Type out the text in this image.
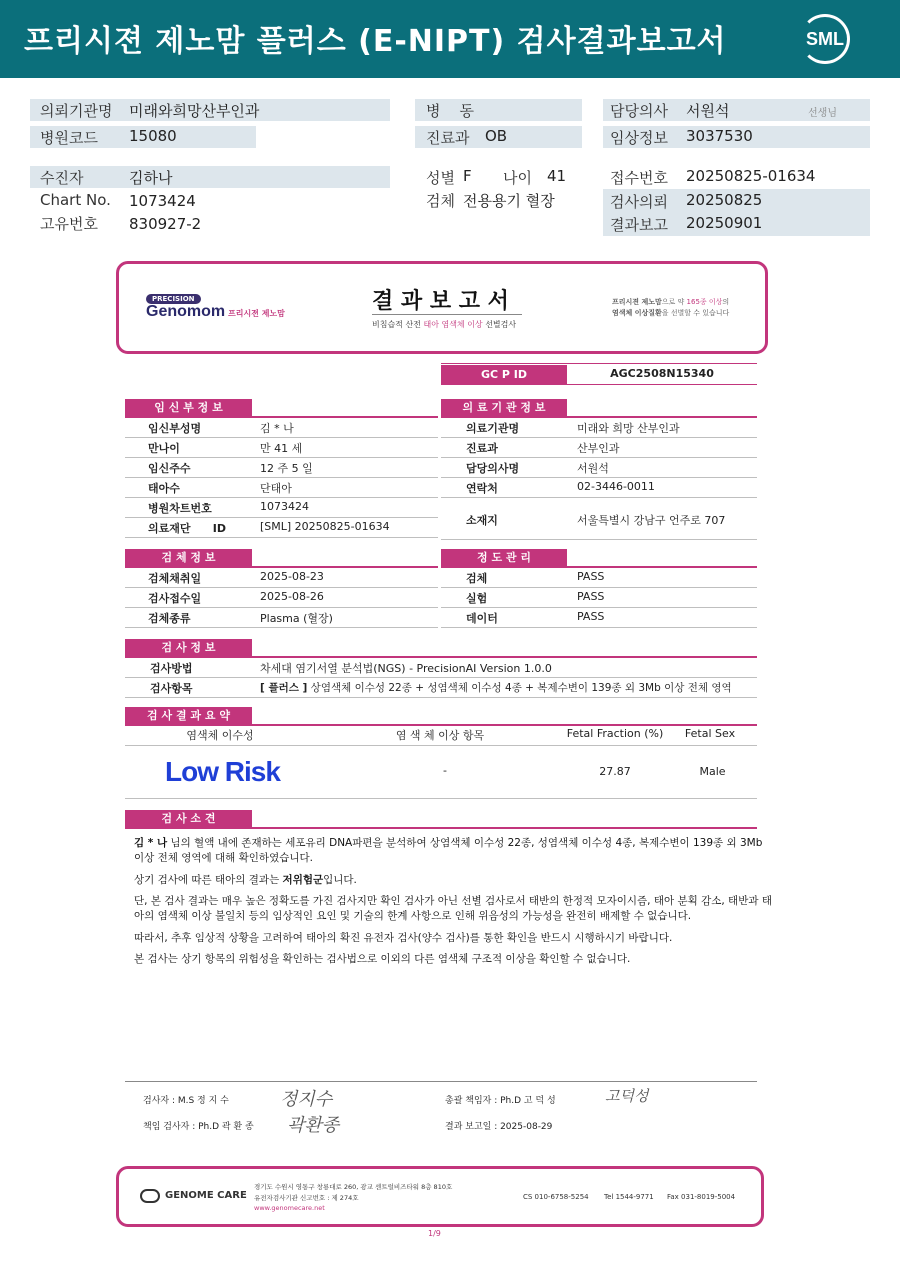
프리시젼 제노맘 플러스 (E-NIPT) 검사결과보고서	SML
의뢰기관명 미래와희망산부인과
병원코드 15080
병    동
진료과 OB
담당의사 서원석	선생님
임상정보 3037530
수진자	김하나
Chart No. 1073424
고유번호 830927-2
성별 F 나이 41
검체 전용용기 혈장
접수번호 20250825-01634
검사의뢰 20250825
결과보고 20250901
PRECISION
Genomom 프리시젼 제노맘	결 과 보 고 서
비침습적 산전 태아 염색체 이상 선별검사
프리시젼 제노맘으로 약 165종 이상의
염색체 이상질환을 선별할 수 있습니다
GC P ID	AGC2508N15340
임 신 부 정 보	의 료 기 관 정 보
임신부성명	김 * 나
만나이	만 41 세
임신주수	12 주 5 일
태아수	단태아
병원차트번호	1073424
의료재단 ID	[SML] 20250825-01634
의료기관명	미래와 희망 산부인과
진료과	산부인과
담당의사명	서원석
연락처	02-3446-0011
소재지	서울특별시 강남구 언주로 707
검 체 정 보	정 도 관 리
검체채취일	2025-08-23
검사접수일	2025-08-26
검체종류	Plasma (혈장)
검체	PASS
실험	PASS
데이터	PASS
검 사 정 보
검사방법	차세대 염기서열 분석법(NGS) - PrecisionAI Version 1.0.0
검사항목	[ 플러스 ] 상염색체 이수성 22종 + 성염색체 이수성 4종 + 복제수변이 139종 외 3Mb 이상 전체 영역
검 사 결 과 요 약
염색체 이수성	염 색 체 이상 항목	Fetal Fraction (%)	Fetal Sex
Low Risk	-	27.87	Male
검 사 소 견
김 * 나 님의 혈액 내에 존재하는 세포유리 DNA파편을 분석하여 상염색체 이수성 22종, 성염색체 이수성 4종, 복제수변이 139종 외 3Mb 이상 전체 영역에 대해 확인하였습니다.
상기 검사에 따른 태아의 결과는 저위험군입니다.
단, 본 검사 결과는 매우 높은 정확도를 가진 검사지만 확인 검사가 아닌 선별 검사로서 태반의 한정적 모자이시즘, 태아 분획 감소, 태반과 태아의 염색체 이상 불일치 등의 임상적인 요인 및 기술의 한계 사항으로 인해 위음성의 가능성을 완전히 배제할 수 없습니다.
따라서, 추후 임상적 상황을 고려하여 태아의 확진 유전자 검사(양수 검사)를 통한 확인을 반드시 시행하시기 바랍니다.
본 검사는 상기 항목의 위험성을 확인하는 검사법으로 이외의 다른 염색체 구조적 이상을 확인할 수 없습니다.
검사자 : M.S 정 지 수	정지수	총괄 책임자 : Ph.D 고 덕 성	고덕성
책임 검사자 : Ph.D 곽 환 종 곽환종	결과 보고일 : 2025-08-29
GENOME CARE
경기도 수원시 영통구 창룡대로 260, 광교 센트럴비즈타워 8층 810호
유전자검사기관 신고번호 : 제 274호
www.genomecare.net
CS 010-6758-5254 Tel 1544-9771 Fax 031-8019-5004
1/9
